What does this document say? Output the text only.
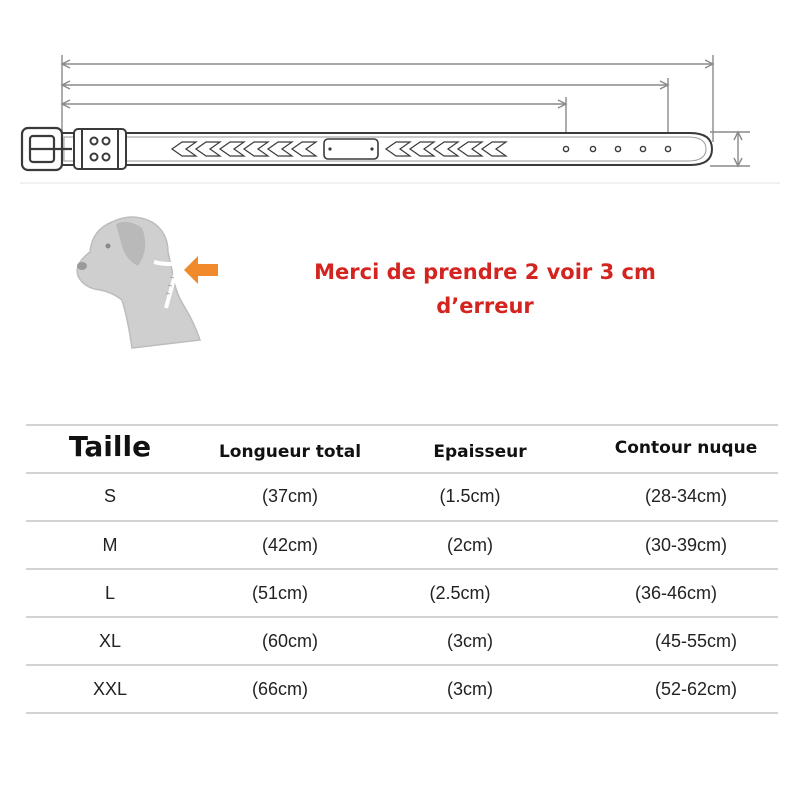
Merci de prendre 2 voir 3 cm
d’erreur
Taille	Longueur total	Epaisseur	Contour nuque
S	(37cm)	(1.5cm)	(28-34cm)
M	(42cm)	(2cm)	(30-39cm)
L	(51cm)	(2.5cm)	(36-46cm)
XL	(60cm)	(3cm)	(45-55cm)
XXL	(66cm)	(3cm)	(52-62cm)
